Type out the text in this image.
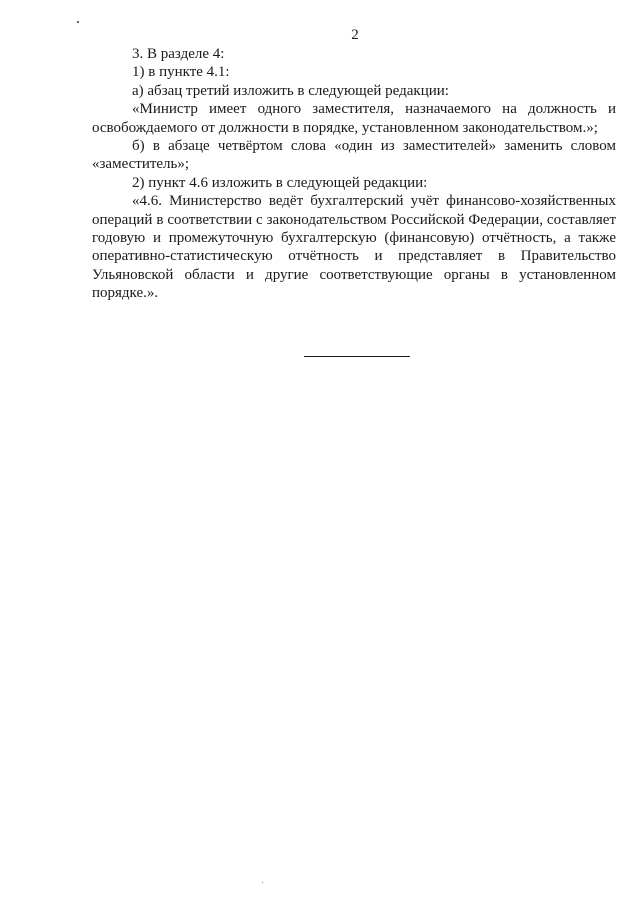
2

3. В разделе 4:

1) в пункте 4.1:

а) абзац третий изложить в следующей редакции:

«Министр имеет одного заместителя, назначаемого на должность и освобождаемого от должности в порядке, установленном законодательством.»;

б) в абзаце четвёртом слова «один из заместителей» заменить словом «заместитель»;

2) пункт 4.6 изложить в следующей редакции:

«4.6. Министерство ведёт бухгалтерский учёт финансово-хозяйственных операций в соответствии с законодательством Российской Федерации, составляет годовую и промежуточную бухгалтерскую (финансовую) отчётность, а также оперативно-статистическую отчётность и представляет в Правительство Ульяновской области и другие соответствующие органы в установленном порядке.».
